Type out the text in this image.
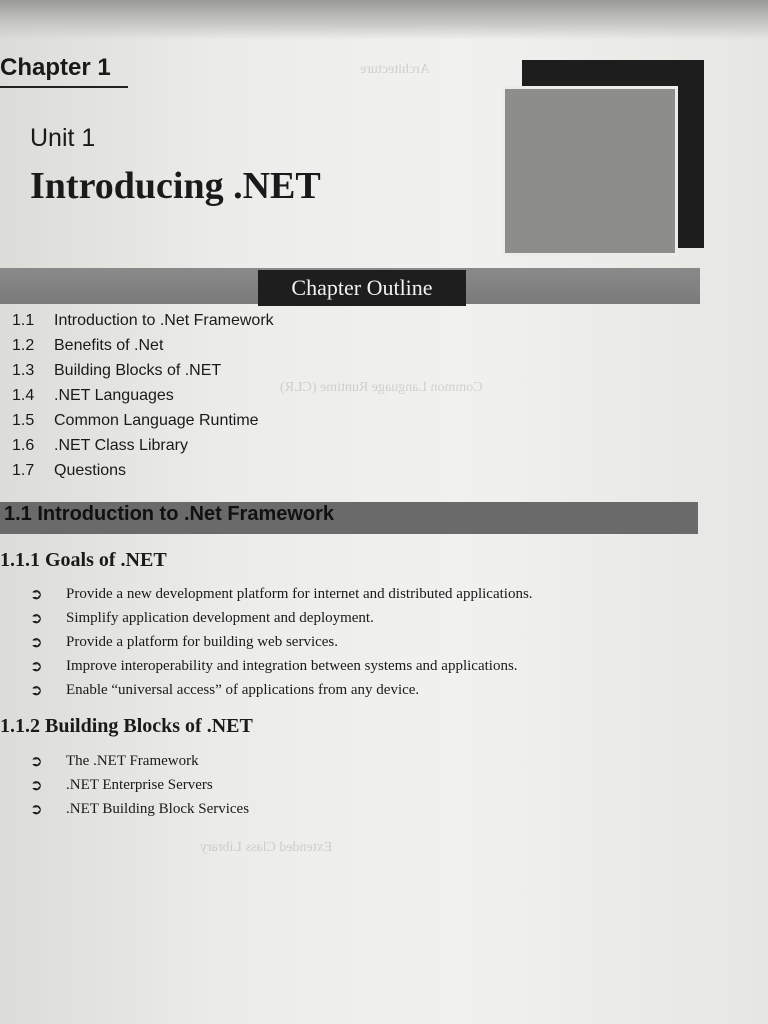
Architecture
Common Language Runtime (CLR)
Extended Class Library
Chapter 1
Unit 1
Introducing .NET
Chapter Outline
1.1	Introduction to .Net Framework
1.2	Benefits of .Net
1.3	Building Blocks of .NET
1.4	.NET Languages
1.5	Common Language Runtime
1.6	.NET Class Library
1.7	Questions
1.1 Introduction to .Net Framework
1.1.1 Goals of .NET
➲	Provide a new development platform for internet and distributed applications.
➲	Simplify application development and deployment.
➲	Provide a platform for building web services.
➲	Improve interoperability and integration between systems and applications.
➲	Enable “universal access” of applications from any device.
1.1.2 Building Blocks of .NET
➲	The .NET Framework
➲	.NET Enterprise Servers
➲	.NET Building Block Services
